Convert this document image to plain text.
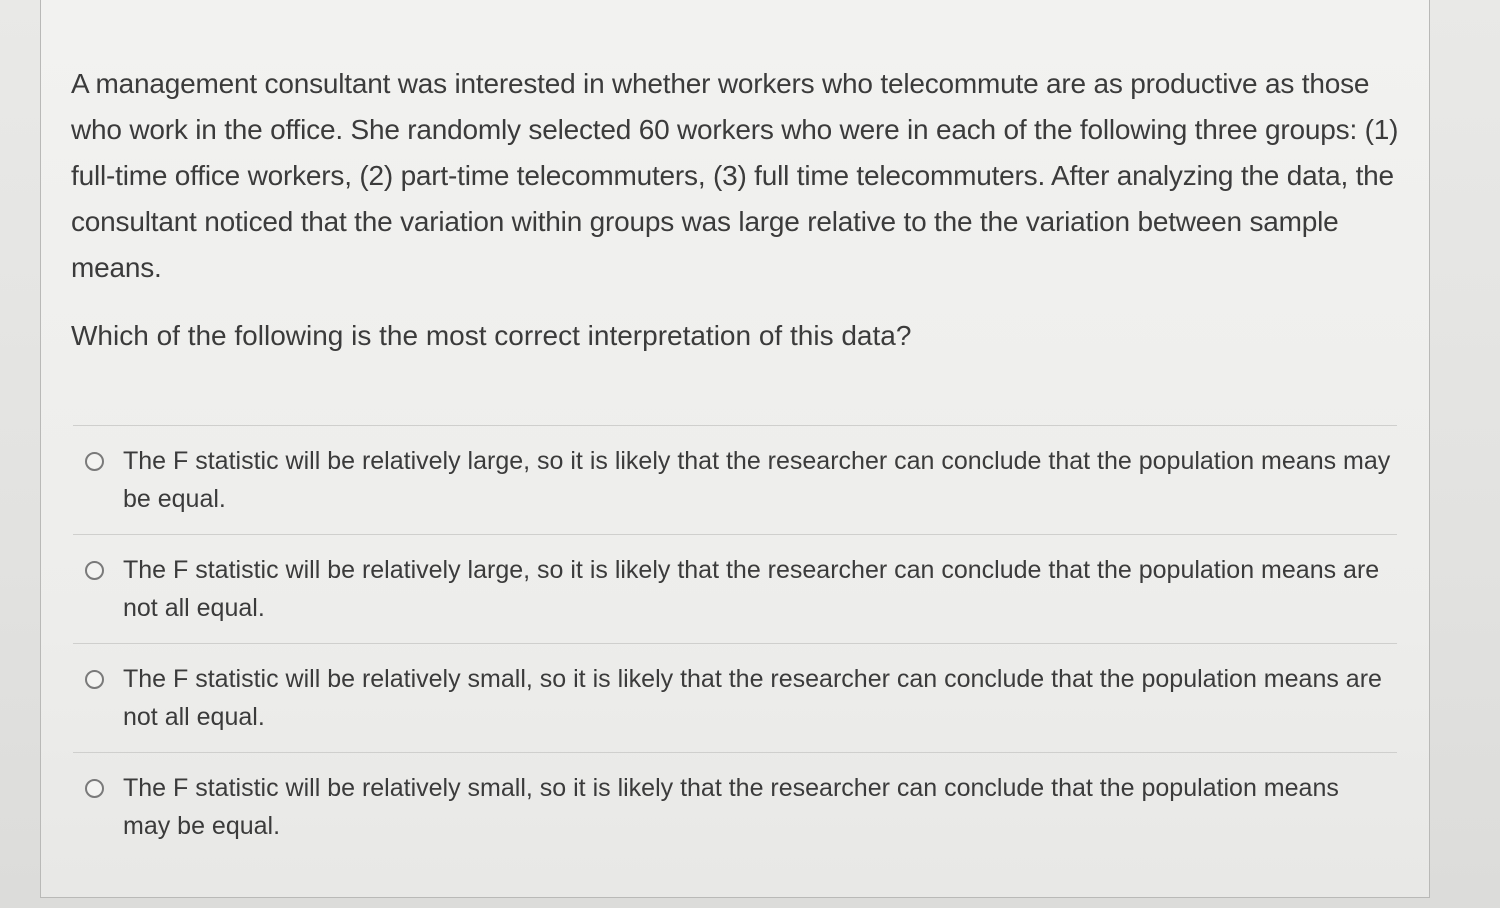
A management consultant was interested in whether workers who telecommute are as productive as those who work in the office. She randomly selected 60 workers who were in each of the following three groups: (1) full-time office workers, (2) part-time telecommuters, (3) full time telecommuters. After analyzing the data, the consultant noticed that the variation within groups was large relative to the the variation between sample means.

Which of the following is the most correct interpretation of this data?

The F statistic will be relatively large, so it is likely that the researcher can conclude that the population means may be equal.
The F statistic will be relatively large, so it is likely that the researcher can conclude that the population means are not all equal.
The F statistic will be relatively small, so it is likely that the researcher can conclude that the population means are not all equal.
The F statistic will be relatively small, so it is likely that the researcher can conclude that the population means may be equal.
